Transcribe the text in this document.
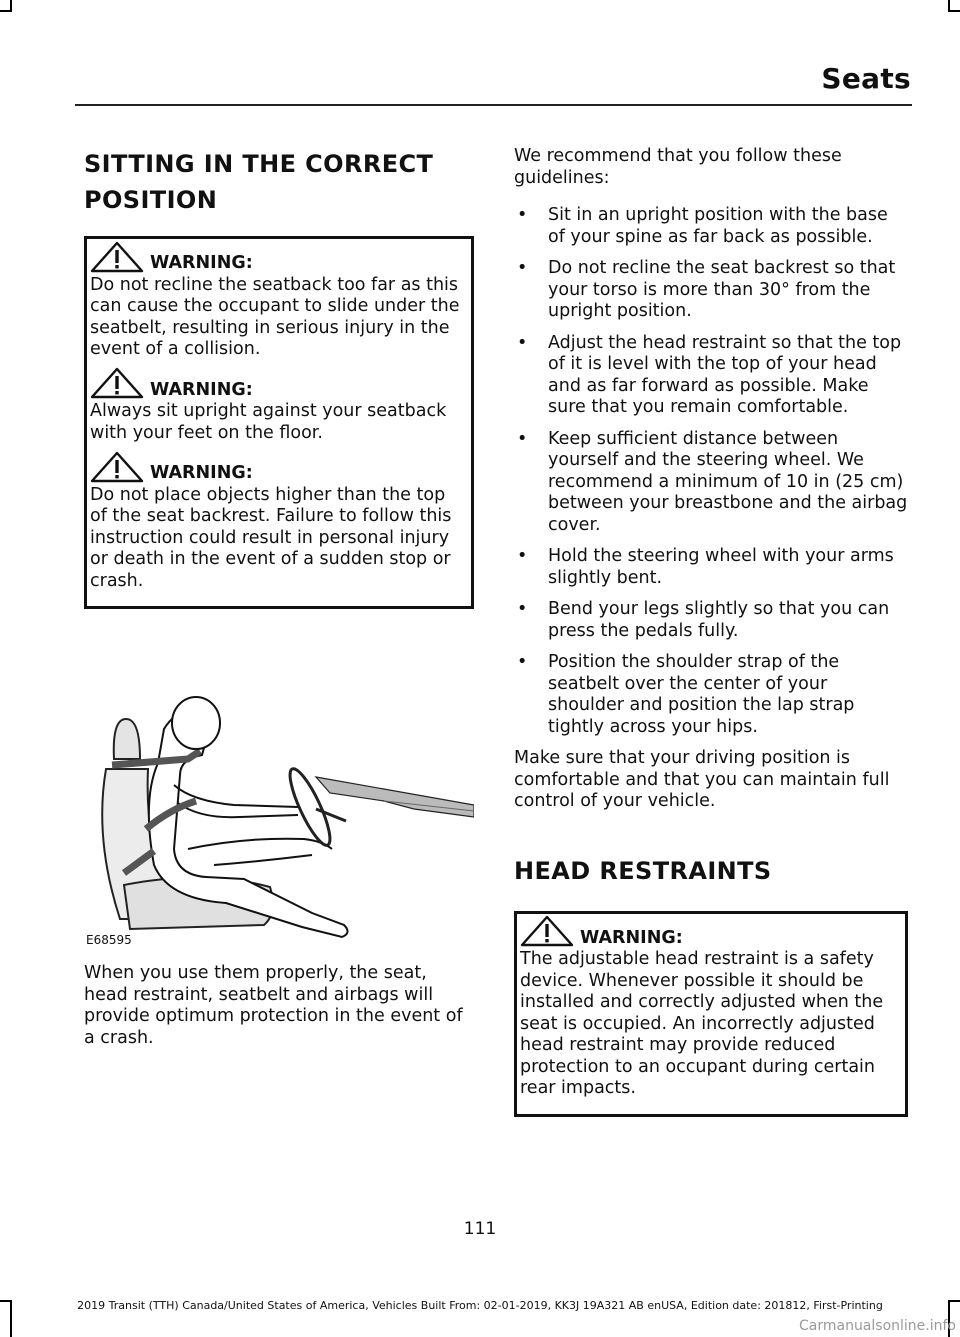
Seats
SITTING IN THE CORRECT
POSITION
WARNING:
Do not recline the seatback too far as this can cause the occupant to slide under the seatbelt, resulting in serious injury in the event of a collision.
WARNING:
Always sit upright against your seatback with your feet on the floor.
WARNING:
Do not place objects higher than the top of the seat backrest. Failure to follow this instruction could result in personal injury or death in the event of a sudden stop or crash.
E68595

When you use them properly, the seat, head restraint, seatbelt and airbags will provide optimum protection in the event of a crash.

We recommend that you follow these guidelines:

• Sit in an upright position with the base of your spine as far back as possible.
• Do not recline the seat backrest so that your torso is more than 30° from the upright position.
• Adjust the head restraint so that the top of it is level with the top of your head and as far forward as possible. Make sure that you remain comfortable.
• Keep sufficient distance between yourself and the steering wheel. We recommend a minimum of 10 in (25 cm) between your breastbone and the airbag cover.
• Hold the steering wheel with your arms slightly bent.
• Bend your legs slightly so that you can press the pedals fully.
• Position the shoulder strap of the seatbelt over the center of your shoulder and position the lap strap tightly across your hips.

Make sure that your driving position is comfortable and that you can maintain full control of your vehicle.

HEAD RESTRAINTS
WARNING:
The adjustable head restraint is a safety device. Whenever possible it should be installed and correctly adjusted when the seat is occupied. An incorrectly adjusted head restraint may provide reduced protection to an occupant during certain rear impacts.
111
2019 Transit (TTH) Canada/United States of America, Vehicles Built From: 02-01-2019, KK3J 19A321 AB enUSA, Edition date: 201812, First-Printing
Carmanualsonline.info
